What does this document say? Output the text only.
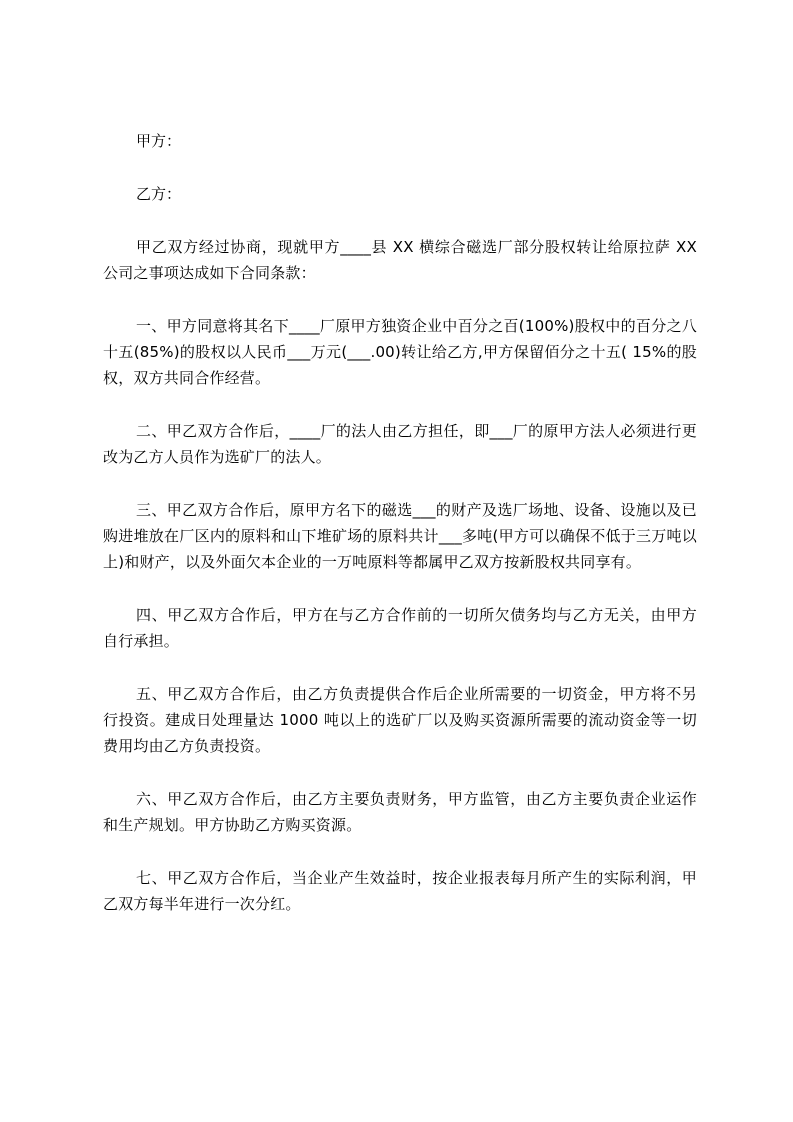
甲方：

乙方：

甲乙双方经过协商，现就甲方____县 XX 横综合磁选厂部分股权转让给原拉萨 XX 公司之事项达成如下合同条款：

一、甲方同意将其名下____厂原甲方独资企业中百分之百(100%)股权中的百分之八十五(85%)的股权以人民币___万元(___.00)转让给乙方,甲方保留佰分之十五( 15%的股权，双方共同合作经营。

二、甲乙双方合作后，____厂的法人由乙方担任，即___厂的原甲方法人必须进行更改为乙方人员作为选矿厂的法人。

三、甲乙双方合作后，原甲方名下的磁选___的财产及选厂场地、设备、设施以及已购进堆放在厂区内的原料和山下堆矿场的原料共计___多吨(甲方可以确保不低于三万吨以上)和财产，以及外面欠本企业的一万吨原料等都属甲乙双方按新股权共同享有。

四、甲乙双方合作后，甲方在与乙方合作前的一切所欠债务均与乙方无关，由甲方自行承担。

五、甲乙双方合作后，由乙方负责提供合作后企业所需要的一切资金，甲方将不另行投资。建成日处理量达 1000 吨以上的选矿厂以及购买资源所需要的流动资金等一切费用均由乙方负责投资。

六、甲乙双方合作后，由乙方主要负责财务，甲方监管，由乙方主要负责企业运作和生产规划。甲方协助乙方购买资源。

七、甲乙双方合作后，当企业产生效益时，按企业报表每月所产生的实际利润，甲乙双方每半年进行一次分红。
